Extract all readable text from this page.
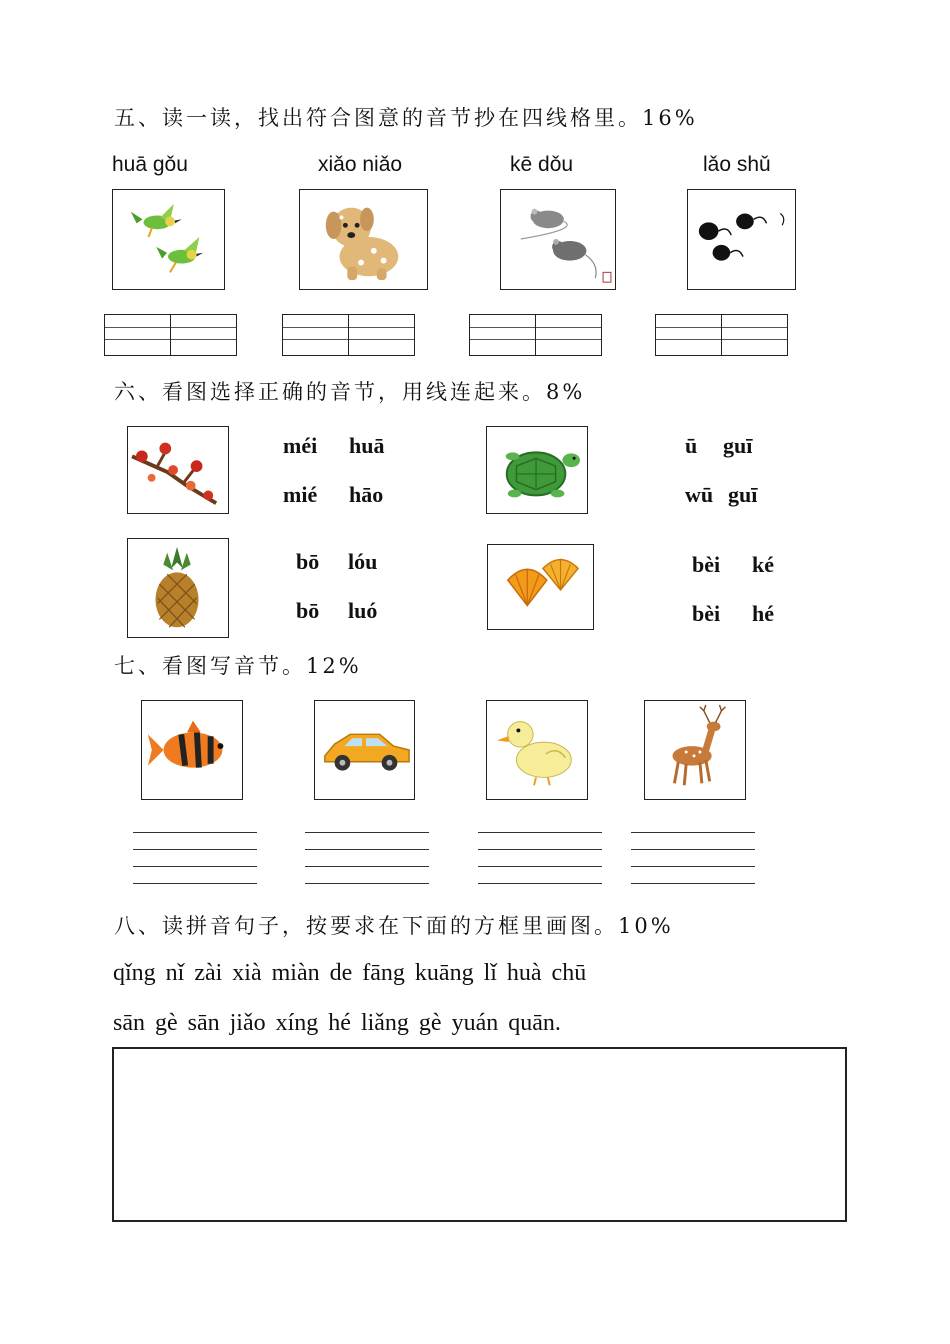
五、读一读，找出符合图意的音节抄在四线格里。16%
huā gǒu	xiǎo niǎo	kē dǒu	lǎo shǔ
六、看图选择正确的音节，用线连起来。8%
méi huā
mié hāo
ū guī
wū guī
bō lóu
bō luó
bèi ké
bèi hé
七、看图写音节。12%
八、读拼音句子，按要求在下面的方框里画图。10%
qǐng nǐ zài xià miàn de fāng kuāng lǐ huà chū
sān gè sān jiǎo xíng hé liǎng gè yuán quān.
